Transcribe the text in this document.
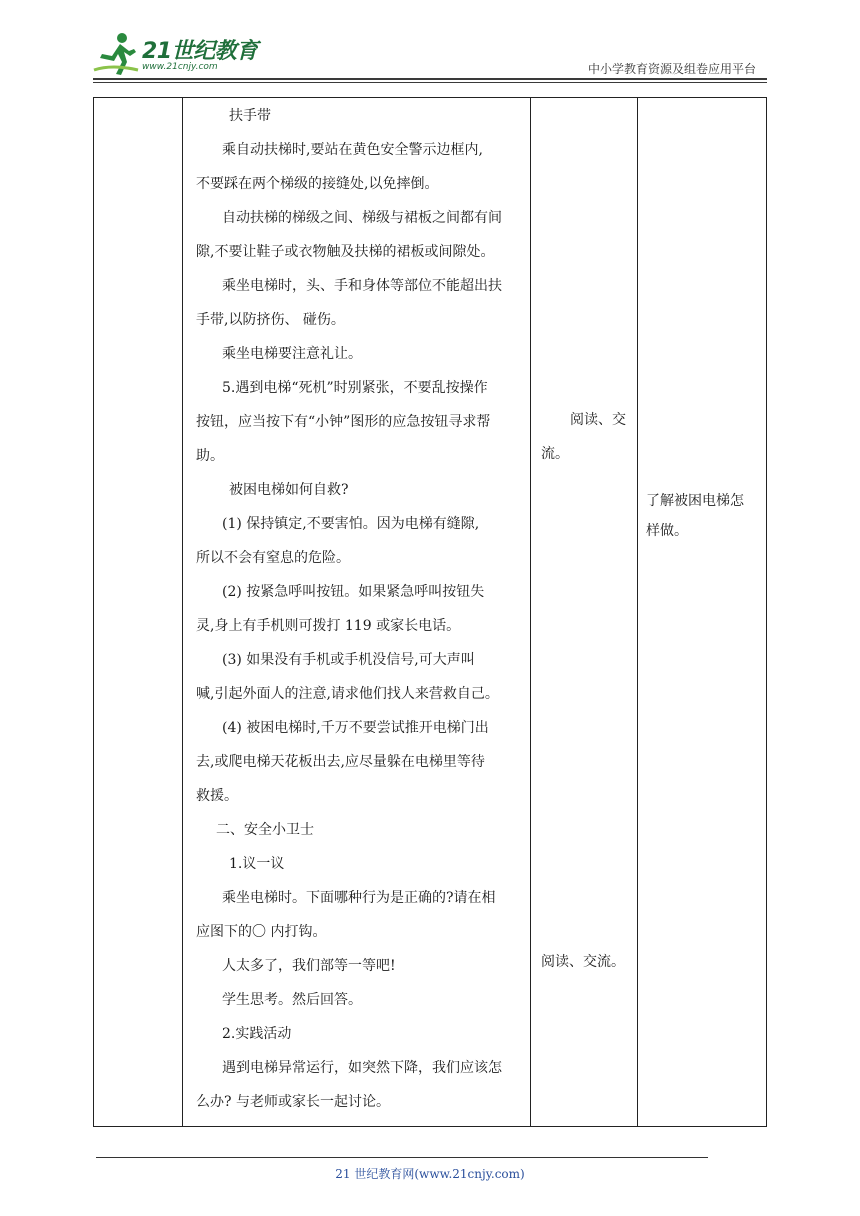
21世纪教育
www.21cnjy.com	中小学教育资源及组卷应用平台
扶手带
乘自动扶梯时,要站在黄色安全警示边框内,
不要踩在两个梯级的接缝处,以免摔倒。
自动扶梯的梯级之间、梯级与裙板之间都有间
隙,不要让鞋子或衣物触及扶梯的裙板或间隙处。
乘坐电梯时，头、手和身体等部位不能超出扶
手带,以防挤伤、 碰伤。
乘坐电梯要注意礼让。
5.遇到电梯“死机”时别紧张，不要乱按操作
按钮，应当按下有“小钟”图形的应急按钮寻求帮
助。
被困电梯如何自救?
(1) 保持镇定,不要害怕。因为电梯有缝隙,
所以不会有窒息的危险。
(2) 按紧急呼叫按钮。如果紧急呼叫按钮失
灵,身上有手机则可拨打 119 或家长电话。
(3) 如果没有手机或手机没信号,可大声叫
喊,引起外面人的注意,请求他们找人来营救自己。
(4) 被困电梯时,千万不要尝试推开电梯门出
去,或爬电梯天花板出去,应尽量躲在电梯里等待
救援。
二、安全小卫士
1.议一议
乘坐电梯时。下面哪种行为是正确的?请在相
应图下的〇 内打钩。
人太多了，我们部等一等吧!
学生思考。然后回答。
2.实践活动
遇到电梯异常运行，如突然下降，我们应该怎
么办? 与老师或家长一起讨论。
阅读、交
流。
阅读、交流。
了解被困电梯怎
样做。
21 世纪教育网(www.21cnjy.com)
